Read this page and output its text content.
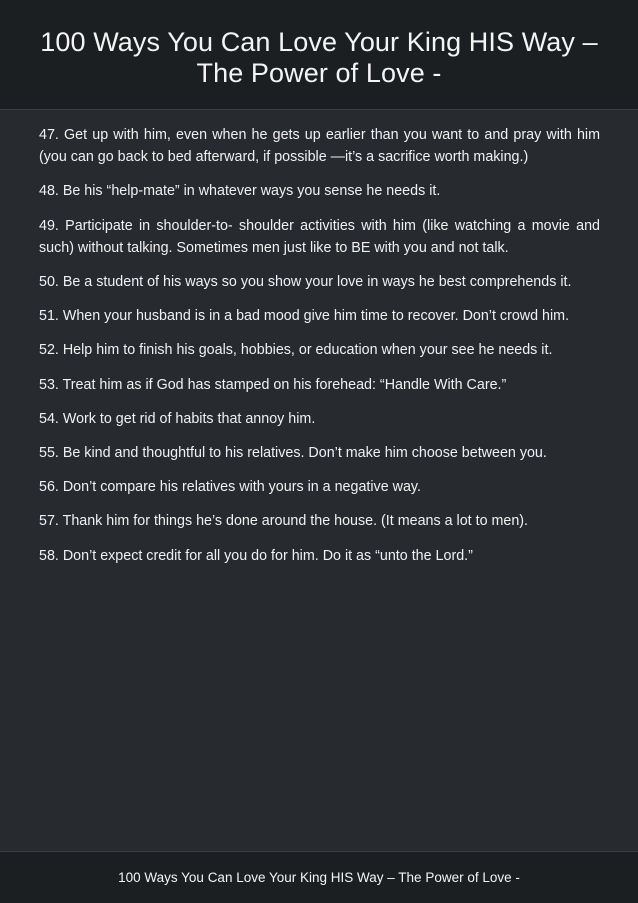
100 Ways You Can Love Your King HIS Way –
The Power of Love -

47. Get up with him, even when he gets up earlier than you want to and pray with him (you can go back to bed afterward, if possible —it’s a sacrifice worth making.)

48. Be his “help-mate” in whatever ways you sense he needs it.

49. Participate in shoulder-to- shoulder activities with him (like watching a movie and such) without talking. Sometimes men just like to BE with you and not talk.

50. Be a student of his ways so you show your love in ways he best comprehends it.

51. When your husband is in a bad mood give him time to recover. Don’t crowd him.

52. Help him to finish his goals, hobbies, or education when your see he needs it.

53. Treat him as if God has stamped on his forehead: “Handle With Care.”

54. Work to get rid of habits that annoy him.

55. Be kind and thoughtful to his relatives. Don’t make him choose between you.

56. Don’t compare his relatives with yours in a negative way.

57. Thank him for things he’s done around the house. (It means a lot to men).

58. Don’t expect credit for all you do for him. Do it as “unto the Lord.”

100 Ways You Can Love Your King HIS Way – The Power of Love -
